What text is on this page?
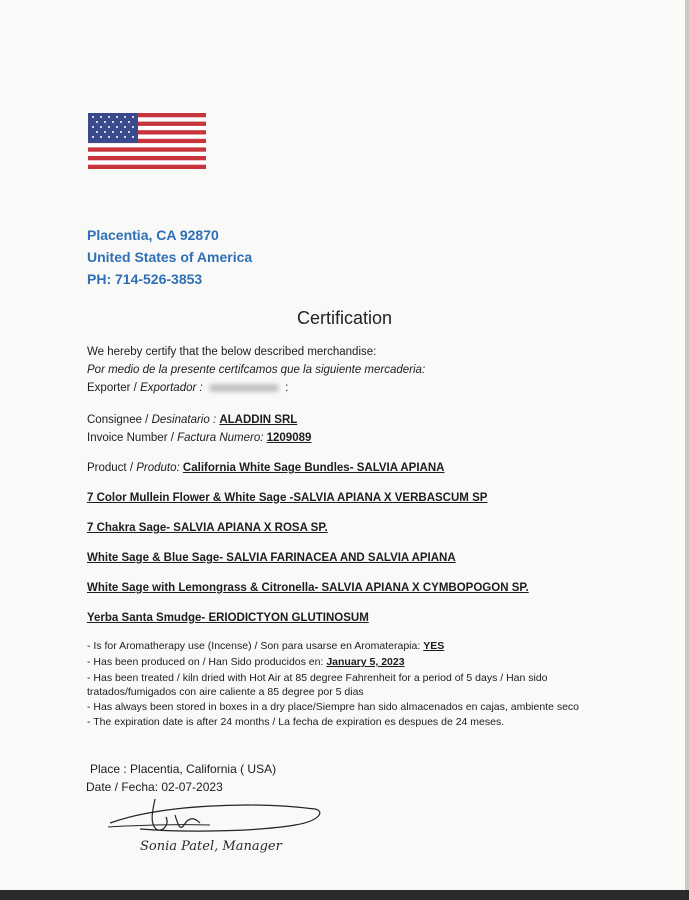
Placentia, CA 92870
United States of America
PH: 714-526-3853
Certification
We hereby certify that the below described merchandise:
Por medio de la presente certifcamos que la siguiente mercaderia:
Exporter / Exportador :	:
Consignee / Desinatario : ALADDIN SRL
Invoice Number / Factura Numero: 1209089
Product / Produto: California White Sage Bundles- SALVIA APIANA
7 Color Mullein Flower & White Sage -SALVIA APIANA X VERBASCUM SP
7 Chakra Sage- SALVIA APIANA X ROSA SP.
White Sage & Blue Sage- SALVIA FARINACEA AND SALVIA APIANA
White Sage with Lemongrass & Citronella- SALVIA APIANA X CYMBOPOGON SP.
Yerba Santa Smudge- ERIODICTYON GLUTINOSUM
- Is for Aromatherapy use (Incense) / Son para usarse en Aromaterapia: YES
- Has been produced on / Han Sido producidos en: January 5, 2023
- Has been treated / kiln dried with Hot Air at 85 degree Fahrenheit for a period of 5 days / Han sido
tratados/fumigados con aire caliente a 85 degree por 5 dias
- Has always been stored in boxes in a dry place/Siempre han sido almacenados en cajas, ambiente seco
- The expiration date is after 24 months / La fecha de expiration es despues de 24 meses.
Place : Placentia, California ( USA)
Date / Fecha: 02-07-2023
Sonia Patel, Manager
